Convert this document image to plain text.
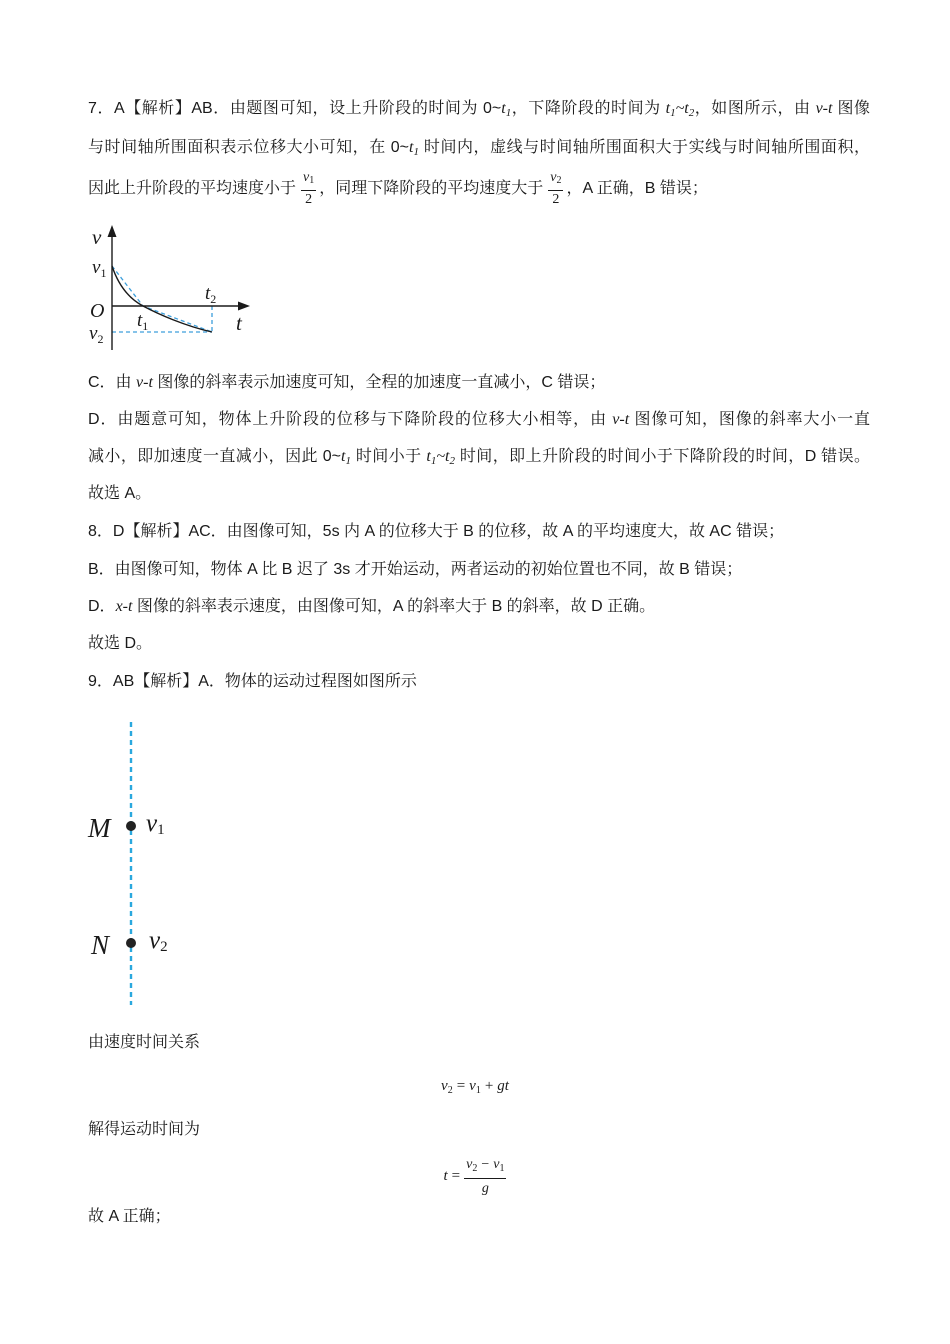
7．A【解析】AB．由题图可知，设上升阶段的时间为 $0\sim t_1$，下降阶段的时间为 $t_1\sim t_2$，如图所示，由 v-t 图像
与时间轴所围面积表示位移大小可知，在 $0\sim t_1$ 时间内，虚线与时间轴所围面积大于实线与时间轴所围面积，
因此上升阶段的平均速度小于 $\frac{v1}{2}$ ，同理下降阶段的平均速度大于 $\frac{v2}{2}$ ，A 正确，B 错误；
v
$v_1$
O
$t_2$
$t_1$	t
$v_2$
C．由 v-t 图像的斜率表示加速度可知，全程的加速度一直减小，C 错误；
D．由题意可知，物体上升阶段的位移与下降阶段的位移大小相等，由 v-t 图像可知，图像的斜率大小一直
减小，即加速度一直减小，因此 $0\sim t_1$ 时间小于 $t_1\sim t_2$ 时间，即上升阶段的时间小于下降阶段的时间，D 错误。
故选 A。
8．D【解析】AC．由图像可知，5s 内 A 的位移大于 B 的位移，故 A 的平均速度大，故 AC 错误；
B．由图像可知，物体 A 比 B 迟了 3s 才开始运动，两者运动的初始位置也不同，故 B 错误；
D．x-t 图像的斜率表示速度，由图像可知，A 的斜率大于 B 的斜率，故 D 正确。
故选 D。
9．AB【解析】A．物体的运动过程图如图所示
M v1
N v2
由速度时间关系
$v_2 = v_1$ + gt
解得运动时间为
$t = \frac{v_2 - v_1}{g}$
故 A 正确；
